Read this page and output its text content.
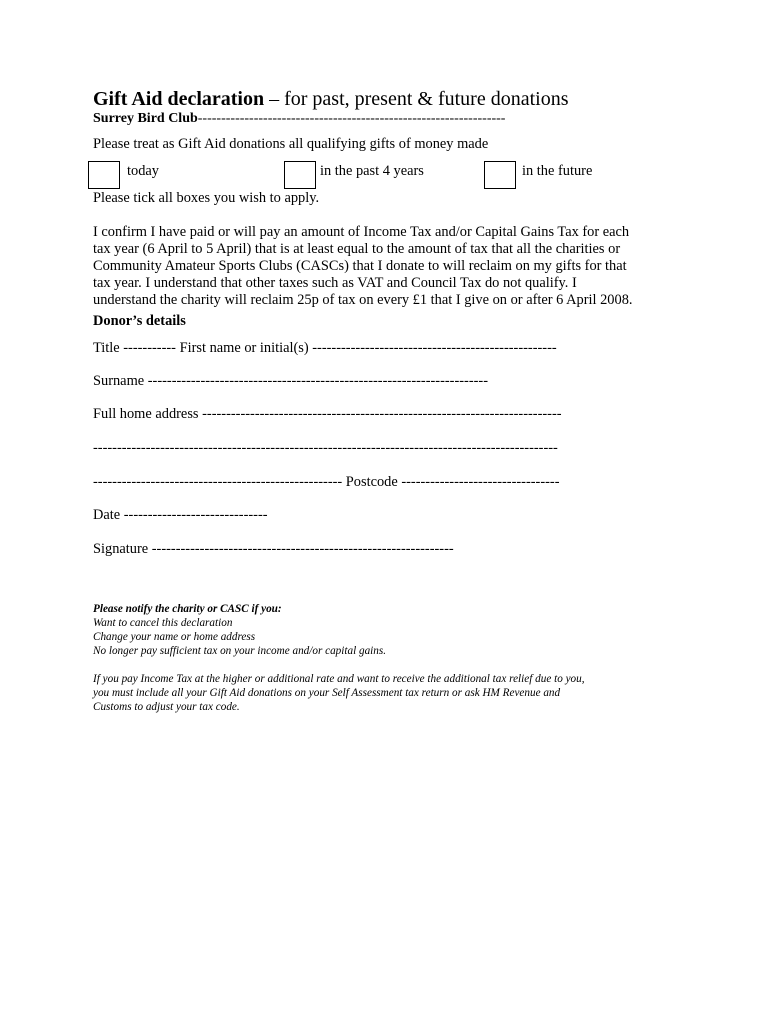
Gift Aid declaration – for past, present & future donations
Surrey Bird Club------------------------------------------------------------------
Please treat as Gift Aid donations all qualifying gifts of money made
today	in the past 4 years	in the future
Please tick all boxes you wish to apply.
I confirm I have paid or will pay an amount of Income Tax and/or Capital Gains Tax for each
tax year (6 April to 5 April) that is at least equal to the amount of tax that all the charities or
Community Amateur Sports Clubs (CASCs) that I donate to will reclaim on my gifts for that
tax year. I understand that other taxes such as VAT and Council Tax do not qualify. I
understand the charity will reclaim 25p of tax on every £1 that I give on or after 6 April 2008.
Donor’s details
Title ----------- First name or initial(s) ---------------------------------------------------
Surname -----------------------------------------------------------------------
Full home address ---------------------------------------------------------------------------
-------------------------------------------------------------------------------------------------
---------------------------------------------------- Postcode ---------------------------------
Date ------------------------------
Signature ---------------------------------------------------------------
Please notify the charity or CASC if you:
Want to cancel this declaration
Change your name or home address
No longer pay sufficient tax on your income and/or capital gains.
If you pay Income Tax at the higher or additional rate and want to receive the additional tax relief due to you,
you must include all your Gift Aid donations on your Self Assessment tax return or ask HM Revenue and
Customs to adjust your tax code.
